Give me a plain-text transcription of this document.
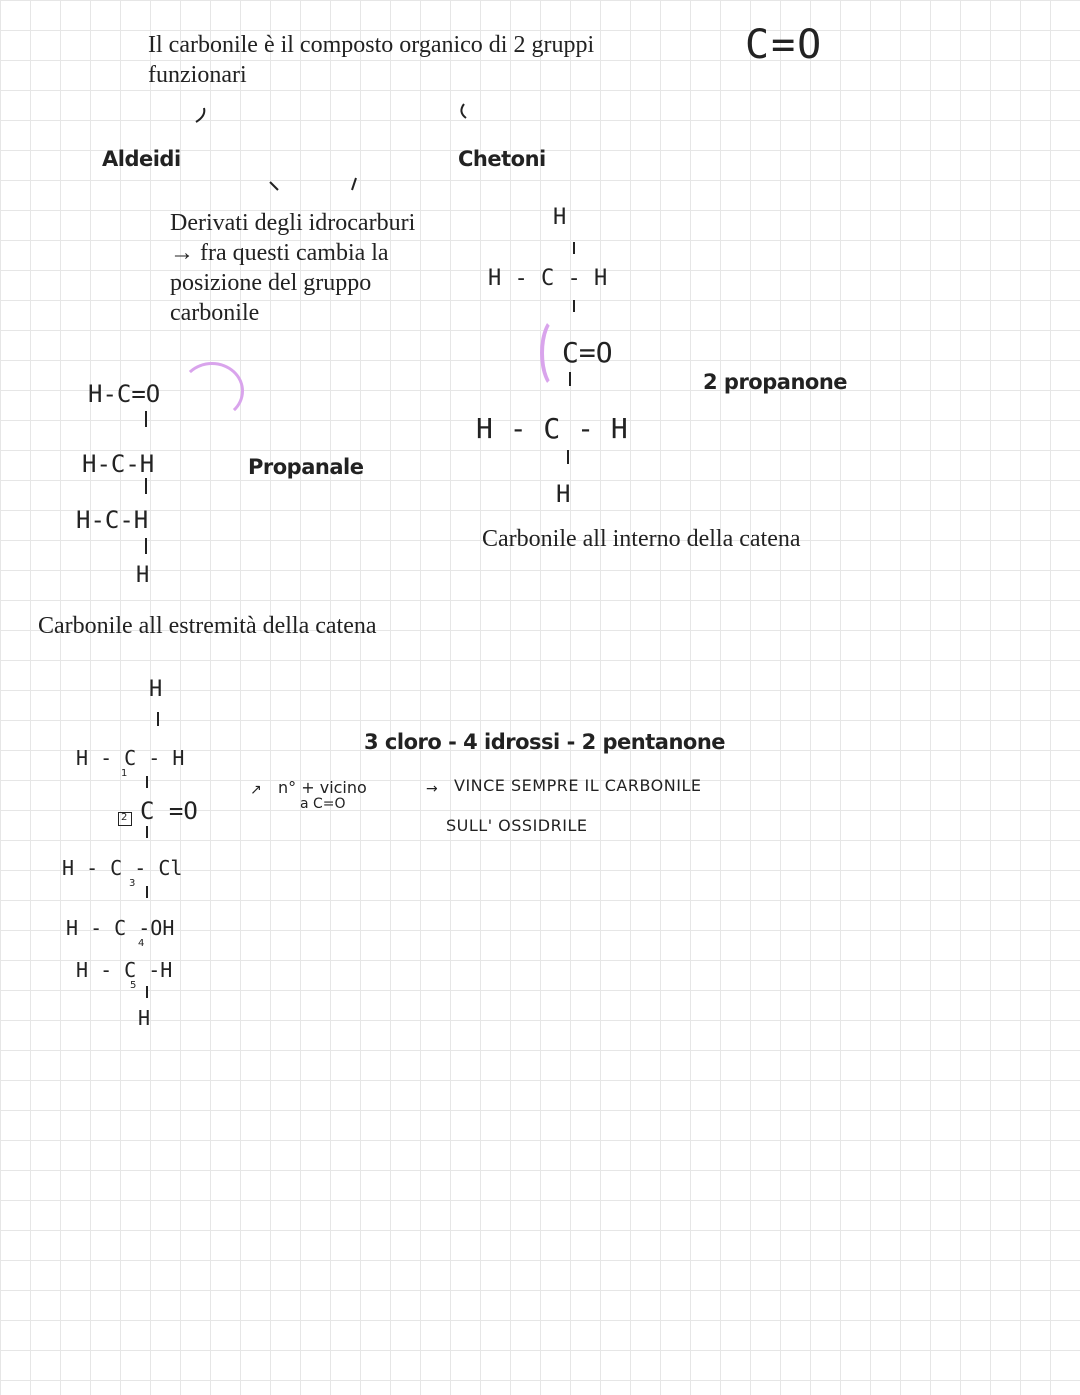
Il carbonile è il composto organico di 2 gruppi
funzionari
C=O
Aldeidi	Chetoni
Derivati degli idrocarburi
→ fra questi cambia la
posizione del gruppo
carbonile
H-C=O
H-C-H
H-C-H
H
Propanale
Carbonile all estremità della catena
H
H - C - H
C=O
H - C - H
H
2 propanone
Carbonile all interno della catena
H
H - C - H
1
2 C =O
H - C - Cl
3
H - C -OH
4
H - C -H
5
H
3 cloro - 4 idrossi - 2 pentanone
↗ n° + vicino
a C=O
→ VINCE SEMPRE IL CARBONILE
SULL' OSSIDRILE
